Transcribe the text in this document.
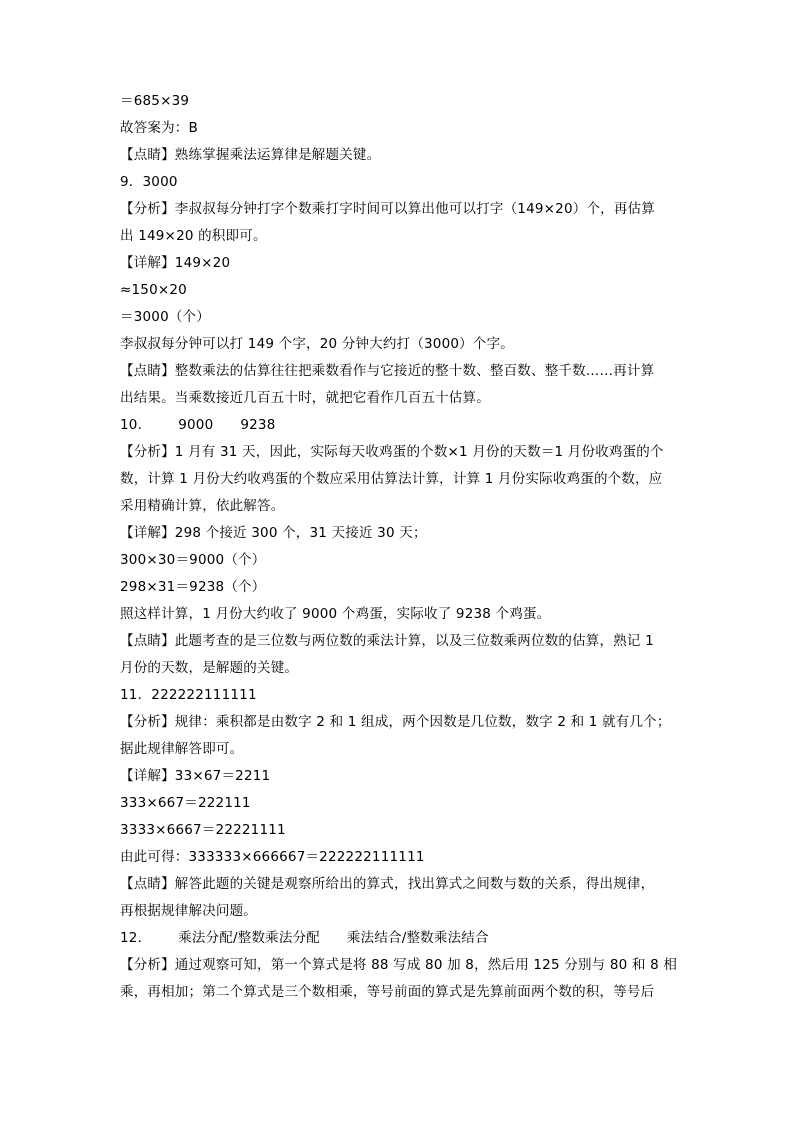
＝685×39
故答案为：B
【点睛】熟练掌握乘法运算律是解题关键。
9．3000
【分析】李叔叔每分钟打字个数乘打字时间可以算出他可以打字（149×20）个，再估算
出 149×20 的积即可。
【详解】149×20
≈150×20
＝3000（个）
李叔叔每分钟可以打 149 个字，20 分钟大约打（3000）个字。
【点睛】整数乘法的估算往往把乘数看作与它接近的整十数、整百数、整千数……再计算
出结果。当乘数接近几百五十时，就把它看作几百五十估算。
10．      9000      9238
【分析】1 月有 31 天，因此，实际每天收鸡蛋的个数×1 月份的天数＝1 月份收鸡蛋的个
数，计算 1 月份大约收鸡蛋的个数应采用估算法计算，计算 1 月份实际收鸡蛋的个数，应
采用精确计算，依此解答。
【详解】298 个接近 300 个，31 天接近 30 天；
300×30＝9000（个）
298×31＝9238（个）
照这样计算，1 月份大约收了 9000 个鸡蛋，实际收了 9238 个鸡蛋。
【点睛】此题考查的是三位数与两位数的乘法计算，以及三位数乘两位数的估算，熟记 1
月份的天数，是解题的关键。
11．222222111111
【分析】规律：乘积都是由数字 2 和 1 组成，两个因数是几位数，数字 2 和 1 就有几个；
据此规律解答即可。
【详解】33×67＝2211
333×667＝222111
3333×6667＝22221111
由此可得：333333×666667＝222222111111
【点睛】解答此题的关键是观察所给出的算式，找出算式之间数与数的关系，得出规律，
再根据规律解决问题。
12．      乘法分配/整数乘法分配      乘法结合/整数乘法结合
【分析】通过观察可知，第一个算式是将 88 写成 80 加 8，然后用 125 分别与 80 和 8 相
乘，再相加；第二个算式是三个数相乘，等号前面的算式是先算前面两个数的积，等号后
